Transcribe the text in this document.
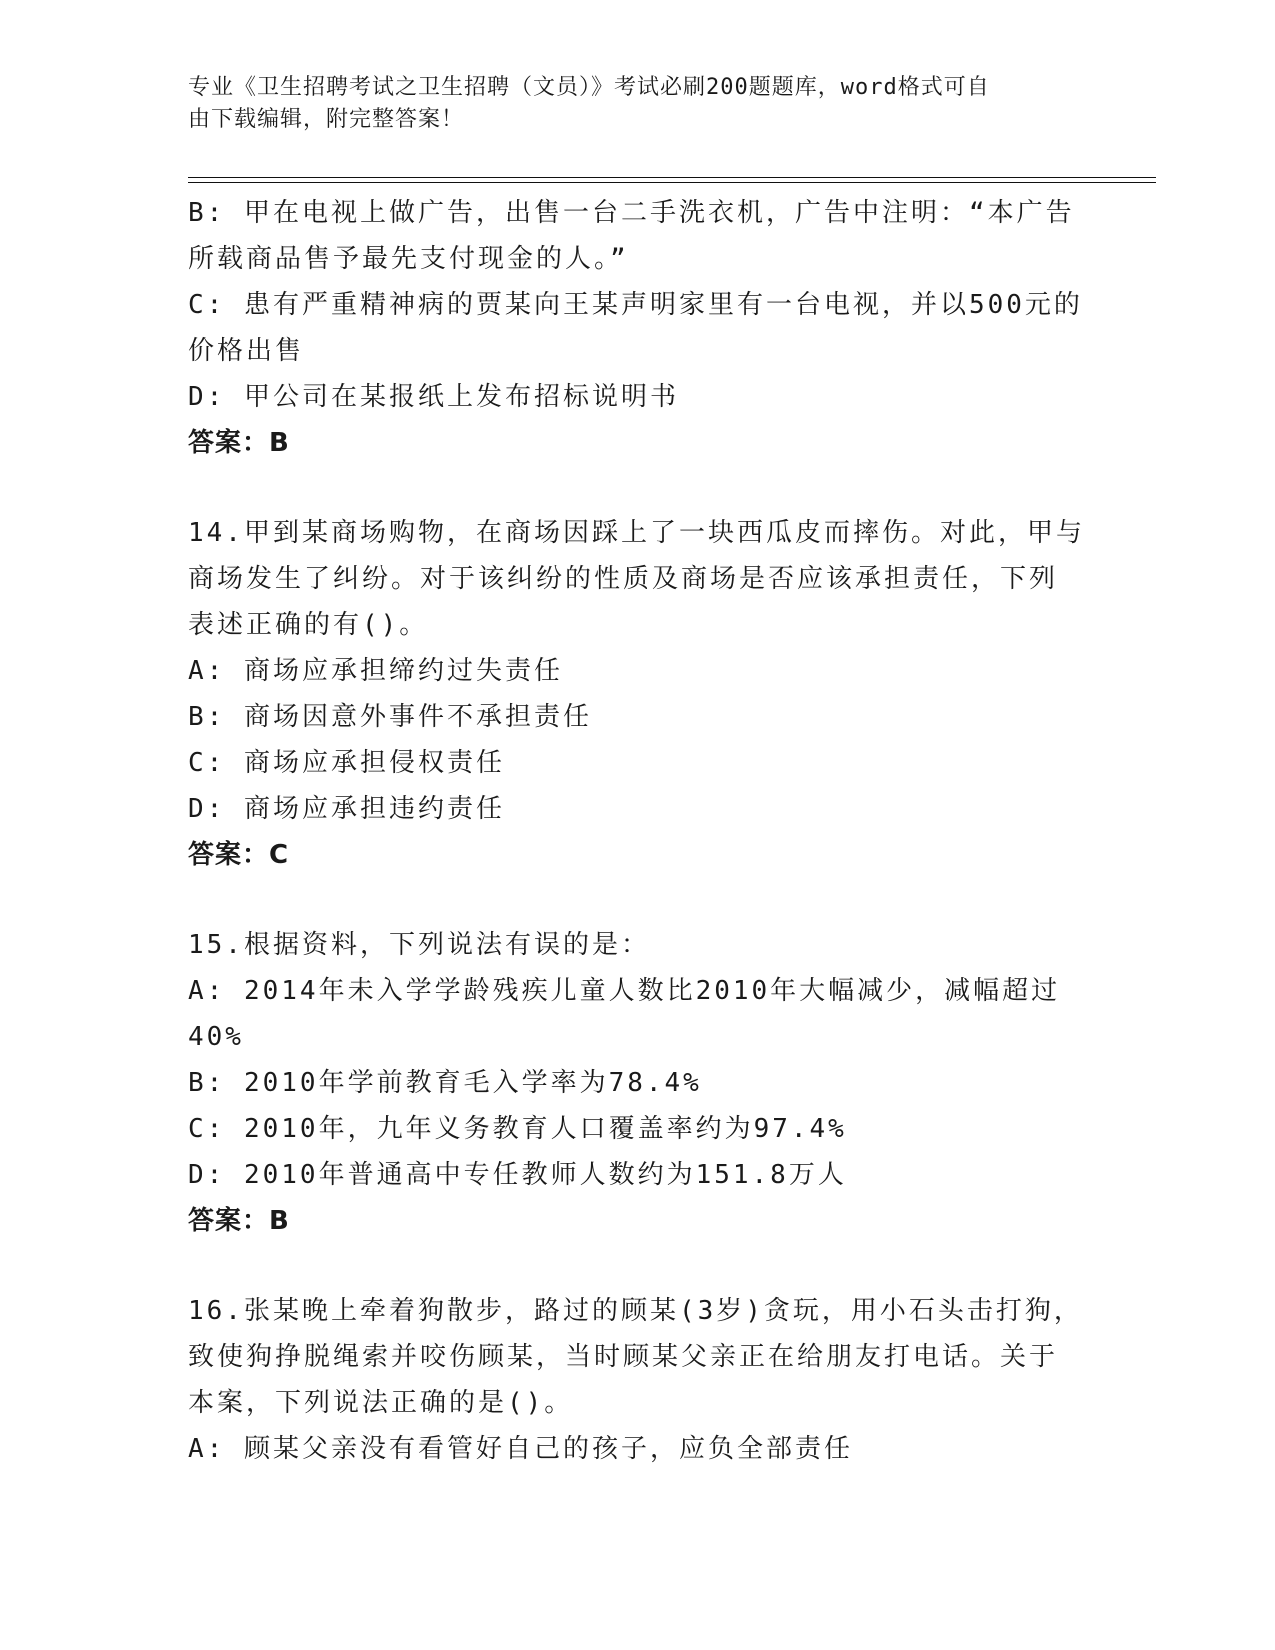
专业《卫生招聘考试之卫生招聘（文员）》考试必刷200题题库，word格式可自
由下载编辑，附完整答案！
B: 甲在电视上做广告，出售一台二手洗衣机，广告中注明：“本广告
所载商品售予最先支付现金的人。”
C: 患有严重精神病的贾某向王某声明家里有一台电视，并以500元的
价格出售
D: 甲公司在某报纸上发布招标说明书
答案：B
14.甲到某商场购物，在商场因踩上了一块西瓜皮而摔伤。对此，甲与
商场发生了纠纷。对于该纠纷的性质及商场是否应该承担责任，下列
表述正确的有()。
A: 商场应承担缔约过失责任
B: 商场因意外事件不承担责任
C: 商场应承担侵权责任
D: 商场应承担违约责任
答案：C
15.根据资料，下列说法有误的是：
A: 2014年未入学学龄残疾儿童人数比2010年大幅减少，减幅超过
40%
B: 2010年学前教育毛入学率为78.4%
C: 2010年，九年义务教育人口覆盖率约为97.4%
D: 2010年普通高中专任教师人数约为151.8万人
答案：B
16.张某晚上牵着狗散步，路过的顾某(3岁)贪玩，用小石头击打狗，
致使狗挣脱绳索并咬伤顾某，当时顾某父亲正在给朋友打电话。关于
本案，下列说法正确的是()。
A: 顾某父亲没有看管好自己的孩子，应负全部责任
